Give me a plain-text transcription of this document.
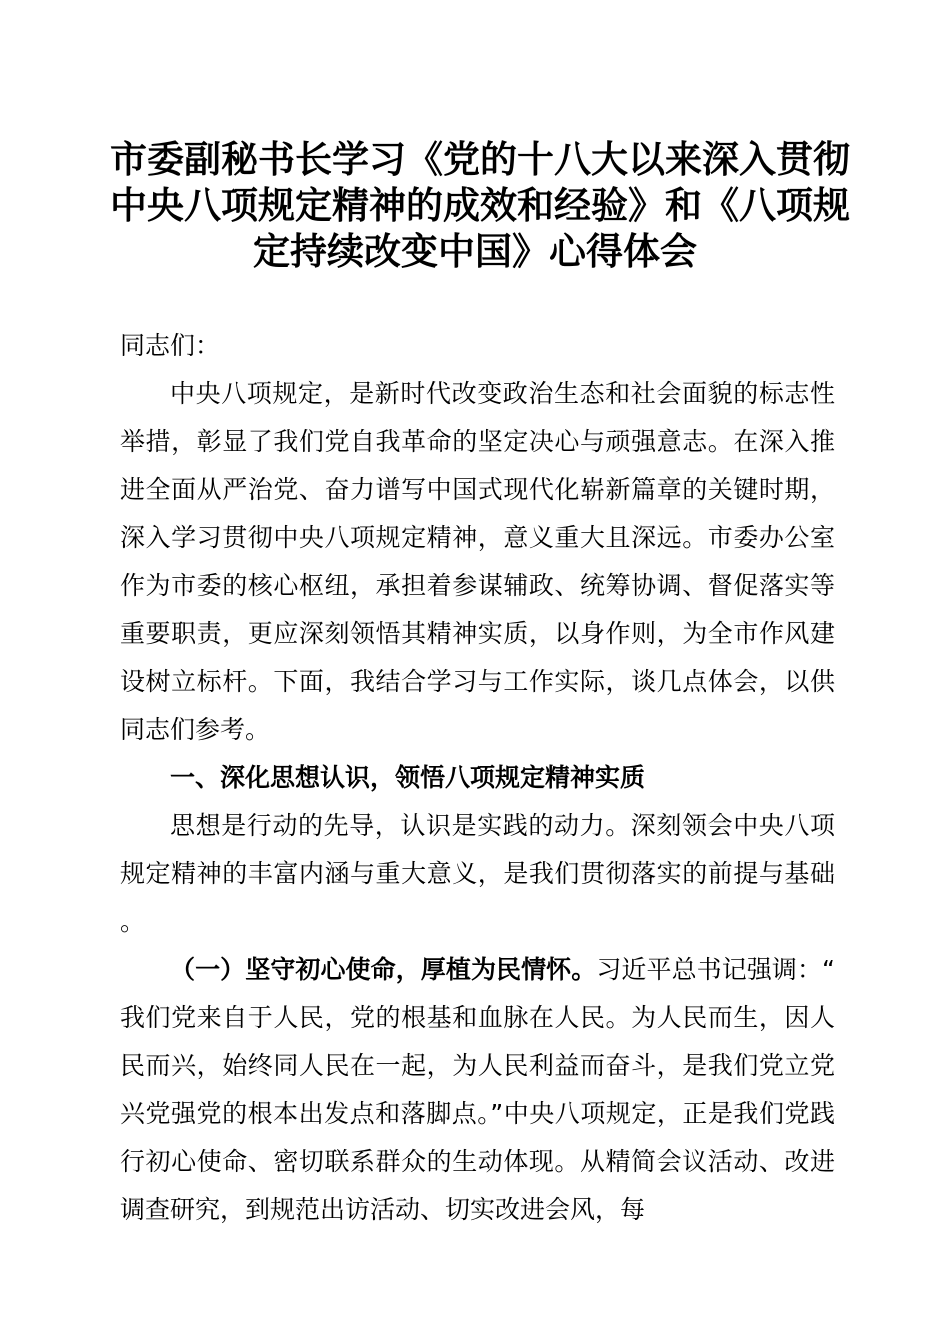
市委副秘书长学习《党的十八大以来深入贯彻
中央八项规定精神的成效和经验》和《八项规
定持续改变中国》心得体会

同志们：

中央八项规定，是新时代改变政治生态和社会面貌的标志性举措，彰显了我们党自我革命的坚定决心与顽强意志。在深入推进全面从严治党、奋力谱写中国式现代化崭新篇章的关键时期，深入学习贯彻中央八项规定精神，意义重大且深远。市委办公室作为市委的核心枢纽，承担着参谋辅政、统筹协调、督促落实等重要职责，更应深刻领悟其精神实质，以身作则，为全市作风建设树立标杆。下面，我结合学习与工作实际，谈几点体会，以供同志们参考。

一、深化思想认识，领悟八项规定精神实质

思想是行动的先导，认识是实践的动力。深刻领会中央八项规定精神的丰富内涵与重大意义，是我们贯彻落实的前提与基础。

（一）坚守初心使命，厚植为民情怀。习近平总书记强调：“我们党来自于人民，党的根基和血脉在人民。为人民而生，因人民而兴，始终同人民在一起，为人民利益而奋斗，是我们党立党兴党强党的根本出发点和落脚点。”中央八项规定，正是我们党践行初心使命、密切联系群众的生动体现。从精简会议活动、改进调查研究，到规范出访活动、切实改进会风，每
